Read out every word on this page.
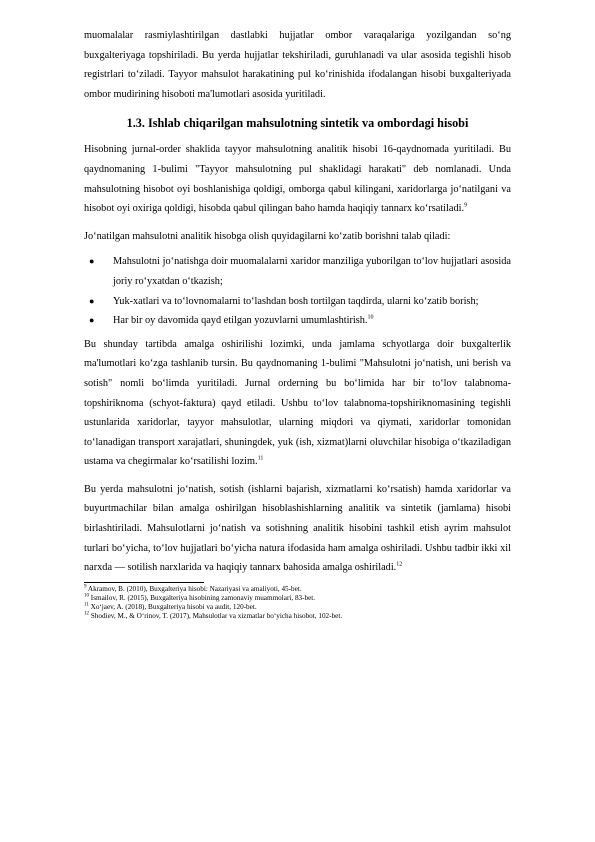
muomalalar rasmiylashtirilgan dastlabki hujjatlar ombor varaqalariga yozilgandan so‘ng buxgalteriyaga topshiriladi. Bu yerda hujjatlar tekshiriladi, guruhlanadi va ular asosida tegishli hisob registrlari to‘ziladi. Tayyor mahsulot harakatining pul ko‘rinishida ifodalangan hisobi buxgalteriyada ombor mudirining hisoboti ma'lumotlari asosida yuritiladi.

1.3. Ishlab chiqarilgan mahsulotning sintetik va ombordagi hisobi

Hisobning jurnal-order shaklida tayyor mahsulotning analitik hisobi 16-qaydnomada yuritiladi. Bu qaydnomaning 1-bulimi "Tayyor mahsulotning pul shaklidagi harakati" deb nomlanadi. Unda mahsulotning hisobot oyi boshlanishiga qoldigi, omborga qabul kilingani, xaridorlarga jo‘natilgani va hisobot oyi oxiriga qoldigi, hisobda qabul qilingan baho hamda haqiqiy tannarx ko‘rsatiladi.$^9$

Jo‘natilgan mahsulotni analitik hisobga olish quyidagilarni ko‘zatib borishni talab qiladi:

● Mahsulotni jo‘natishga doir muomalalarni xaridor manziliga yuborilgan to‘lov hujjatlari asosida joriy ro‘yxatdan o‘tkazish;
● Yuk-xatlari va to‘lovnomalarni to‘lashdan bosh tortilgan taqdirda, ularni ko‘zatib borish;
● Har bir oy davomida qayd etilgan yozuvlarni umumlashtirish.$^{10}$

Bu shunday tartibda amalga oshirilishi lozimki, unda jamlama schyotlarga doir buxgalterlik ma'lumotlari ko‘zga tashlanib tursin. Bu qaydnomaning 1-bulimi "Mahsulotni jo‘natish, uni berish va sotish" nomli bo‘limda yuritiladi. Jurnal orderning bu bo‘limida har bir to‘lov talabnoma-topshiriknoma (schyot-faktura) qayd etiladi. Ushbu to‘lov talabnoma-topshiriknomasining tegishli ustunlarida xaridorlar, tayyor mahsulotlar, ularning miqdori va qiymati, xaridorlar tomonidan to‘lanadigan transport xarajatlari, shuningdek, yuk (ish, xizmat)larni oluvchilar hisobiga o‘tkaziladigan ustama va chegirmalar ko‘rsatilishi lozim.$^{11}$

Bu yerda mahsulotni jo‘natish, sotish (ishlarni bajarish, xizmatlarni ko‘rsatish) hamda xaridorlar va buyurtmachilar bilan amalga oshirilgan hisoblashishlarning analitik va sintetik (jamlama) hisobi birlashtiriladi. Mahsulotlarni jo‘natish va sotishning analitik hisobini tashkil etish ayrim mahsulot turlari bo‘yicha, to‘lov hujjatlari bo‘yicha natura ifodasida ham amalga oshiriladi. Ushbu tadbir ikki xil narxda — sotilish narxlarida va haqiqiy tannarx bahosida amalga oshiriladi.$^{12}$

$^9$ Akramov, B. (2010), Buxgalteriya hisobi: Nazariyasi va amaliyoti, 45-bet.
$^{10}$ Ismailov, R. (2015), Buxgalteriya hisobining zamonaviy muammolari, 83-bet.
$^{11}$ Xo‘jaev, A. (2018), Buxgalteriya hisobi va audit, 120-bet.
$^{12}$ Shodiev, M., & O‘rinov, T. (2017), Mahsulotlar va xizmatlar bo‘yicha hisobot, 102-bet.
